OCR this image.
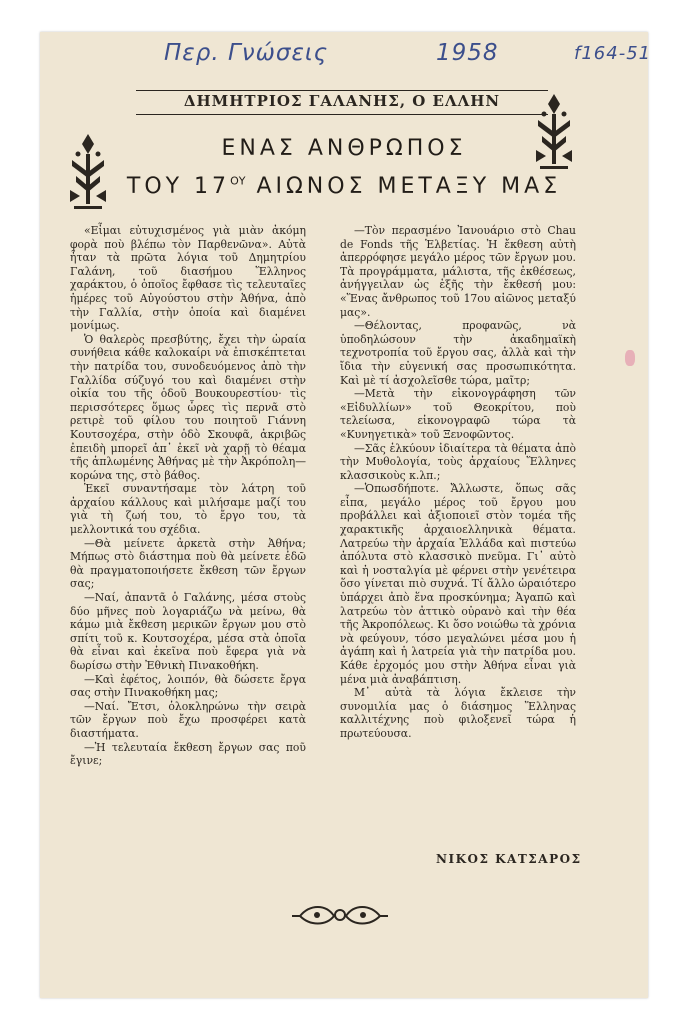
Περ. Γνώσεις	1958	f164-51
ΔΗΜΗΤΡΙΟΣ ΓΑΛΑΝΗΣ, Ο ΕΛΛΗΝ
ΕΝΑΣ ΑΝΘΡΩΠΟΣ
ΤΟΥ $17^{O\Upsilon}$ ΑΙΩΝΟΣ ΜΕΤΑΞΥ ΜΑΣ

«Εἶμαι εὐτυχισμένος γιὰ μιὰν ἀκόμη φορὰ ποὺ βλέπω τὸν Παρθενῶνα». Αὐτὰ ἦταν τὰ πρῶτα λόγια τοῦ Δημητρίου Γαλάνη, τοῦ διασήμου Ἕλληνος χαράκτου, ὁ ὁποῖος ἔφθασε τὶς τελευταῖες ἡμέρες τοῦ Αὐγούστου στὴν Ἀθήνα, ἀπὸ τὴν Γαλλία, στὴν ὁποία καὶ διαμένει μονίμως.

Ὁ θαλερὸς πρεσβύτης, ἔχει τὴν ὡραία συνήθεια κάθε καλοκαίρι νὰ ἐπισκέπτεται τὴν πατρίδα του, συνοδευόμενος ἀπὸ τὴν Γαλλίδα σύζυγό του καὶ διαμένει στὴν οἰκία του τῆς ὁδοῦ Βουκουρεστίου· τὶς περισσότερες ὅμως ὧρες τὶς περνᾶ στὸ ρετιρὲ τοῦ φίλου του ποιητοῦ Γιάννη Κουτσοχέρα, στὴν ὁδὸ Σκουφᾶ, ἀκριβῶς ἐπειδὴ μπορεῖ ἀπ᾿ ἐκεῖ νὰ χαρῇ τὸ θέαμα τῆς ἁπλωμένης Ἀθήνας μὲ τὴν Ἀκρόπολη—κορώνα της, στὸ βάθος.

Ἐκεῖ συναντήσαμε τὸν λάτρη τοῦ ἀρχαίου κάλλους καὶ μιλήσαμε μαζί του γιὰ τὴ ζωή του, τὸ ἔργο του, τὰ μελλοντικά του σχέδια.

—Θὰ μείνετε ἀρκετὰ στὴν Ἀθήνα; Μήπως στὸ διάστημα ποὺ θὰ μείνετε ἐδῶ θὰ πραγματοποιήσετε ἔκθεση τῶν ἔργων σας;

—Ναί, ἀπαντᾶ ὁ Γαλάνης, μέσα στοὺς δύο μῆνες ποὺ λογαριάζω νὰ μείνω, θὰ κάμω μιὰ ἔκθεση μερικῶν ἔργων μου στὸ σπίτι τοῦ κ. Κουτσοχέρα, μέσα στὰ ὁποῖα θὰ εἶναι καὶ ἐκεῖνα ποὺ ἔφερα γιὰ νὰ δωρίσω στὴν Ἐθνικὴ Πινακοθήκη.

—Καὶ ἐφέτος, λοιπόν, θὰ δώσετε ἔργα σας στὴν Πινακοθήκη μας;

—Ναί. Ἔτσι, ὁλοκληρώνω τὴν σειρὰ τῶν ἔργων ποὺ ἔχω προσφέρει κατὰ διαστήματα.

—Ἡ τελευταία ἔκθεση ἔργων σας ποῦ ἔγινε;

—Τὸν περασμένο Ἰανουάριο στὸ Chau de Fonds τῆς Ἑλβετίας. Ἡ ἔκθεση αὐτὴ ἀπερρόφησε μεγάλο μέρος τῶν ἔργων μου. Τὰ προγράμματα, μάλιστα, τῆς ἐκθέσεως, ἀνήγγειλαν ὡς ἑξῆς τὴν ἔκθεσή μου: «Ἕνας ἄνθρωπος τοῦ 17ου αἰῶνος μεταξύ μας».

—Θέλοντας, προφανῶς, νὰ ὑποδηλώσουν τὴν ἀκαδημαϊκὴ τεχνοτροπία τοῦ ἔργου σας, ἀλλὰ καὶ τὴν ἴδια τὴν εὐγενική σας προσωπικότητα. Καὶ μὲ τί ἀσχολεῖσθε τώρα, μαῖτρ;

—Μετὰ τὴν εἰκονογράφηση τῶν «Εἰδυλλίων» τοῦ Θεοκρίτου, ποὺ τελείωσα, εἰκονογραφῶ τώρα τὰ «Κυνηγετικὰ» τοῦ Ξενοφῶντος.

—Σᾶς ἑλκύουν ἰδιαίτερα τὰ θέματα ἀπὸ τὴν Μυθολογία, τοὺς ἀρχαίους Ἕλληνες κλασσικοὺς κ.λπ.;

—Ὁπωσδήποτε. Ἄλλωστε, ὅπως σᾶς εἶπα, μεγάλο μέρος τοῦ ἔργου μου προβάλλει καὶ ἀξιοποιεῖ στὸν τομέα τῆς χαρακτικῆς ἀρχαιοελληνικὰ θέματα. Λατρεύω τὴν ἀρχαία Ἑλλάδα καὶ πιστεύω ἀπόλυτα στὸ κλασσικὸ πνεῦμα. Γι᾿ αὐτὸ καὶ ἡ νοσταλγία μὲ φέρνει στὴν γενέτειρα ὅσο γίνεται πιὸ συχνά. Τί ἄλλο ὡραιότερο ὑπάρχει ἀπὸ ἕνα προσκύνημα; Ἀγαπῶ καὶ λατρεύω τὸν ἀττικὸ οὐρανὸ καὶ τὴν θέα τῆς Ἀκροπόλεως. Κι ὅσο νοιώθω τὰ χρόνια νὰ φεύγουν, τόσο μεγαλώνει μέσα μου ἡ ἀγάπη καὶ ἡ λατρεία γιὰ τὴν πατρίδα μου. Κάθε ἐρχομός μου στὴν Ἀθήνα εἶναι γιὰ μένα μιὰ ἀναβάπτιση.

Μ᾿ αὐτὰ τὰ λόγια ἔκλεισε τὴν συνομιλία μας ὁ διάσημος Ἕλληνας καλλιτέχνης ποὺ φιλοξενεῖ τώρα ἡ πρωτεύουσα.

ΝΙΚΟΣ ΚΑΤΣΑΡΟΣ
